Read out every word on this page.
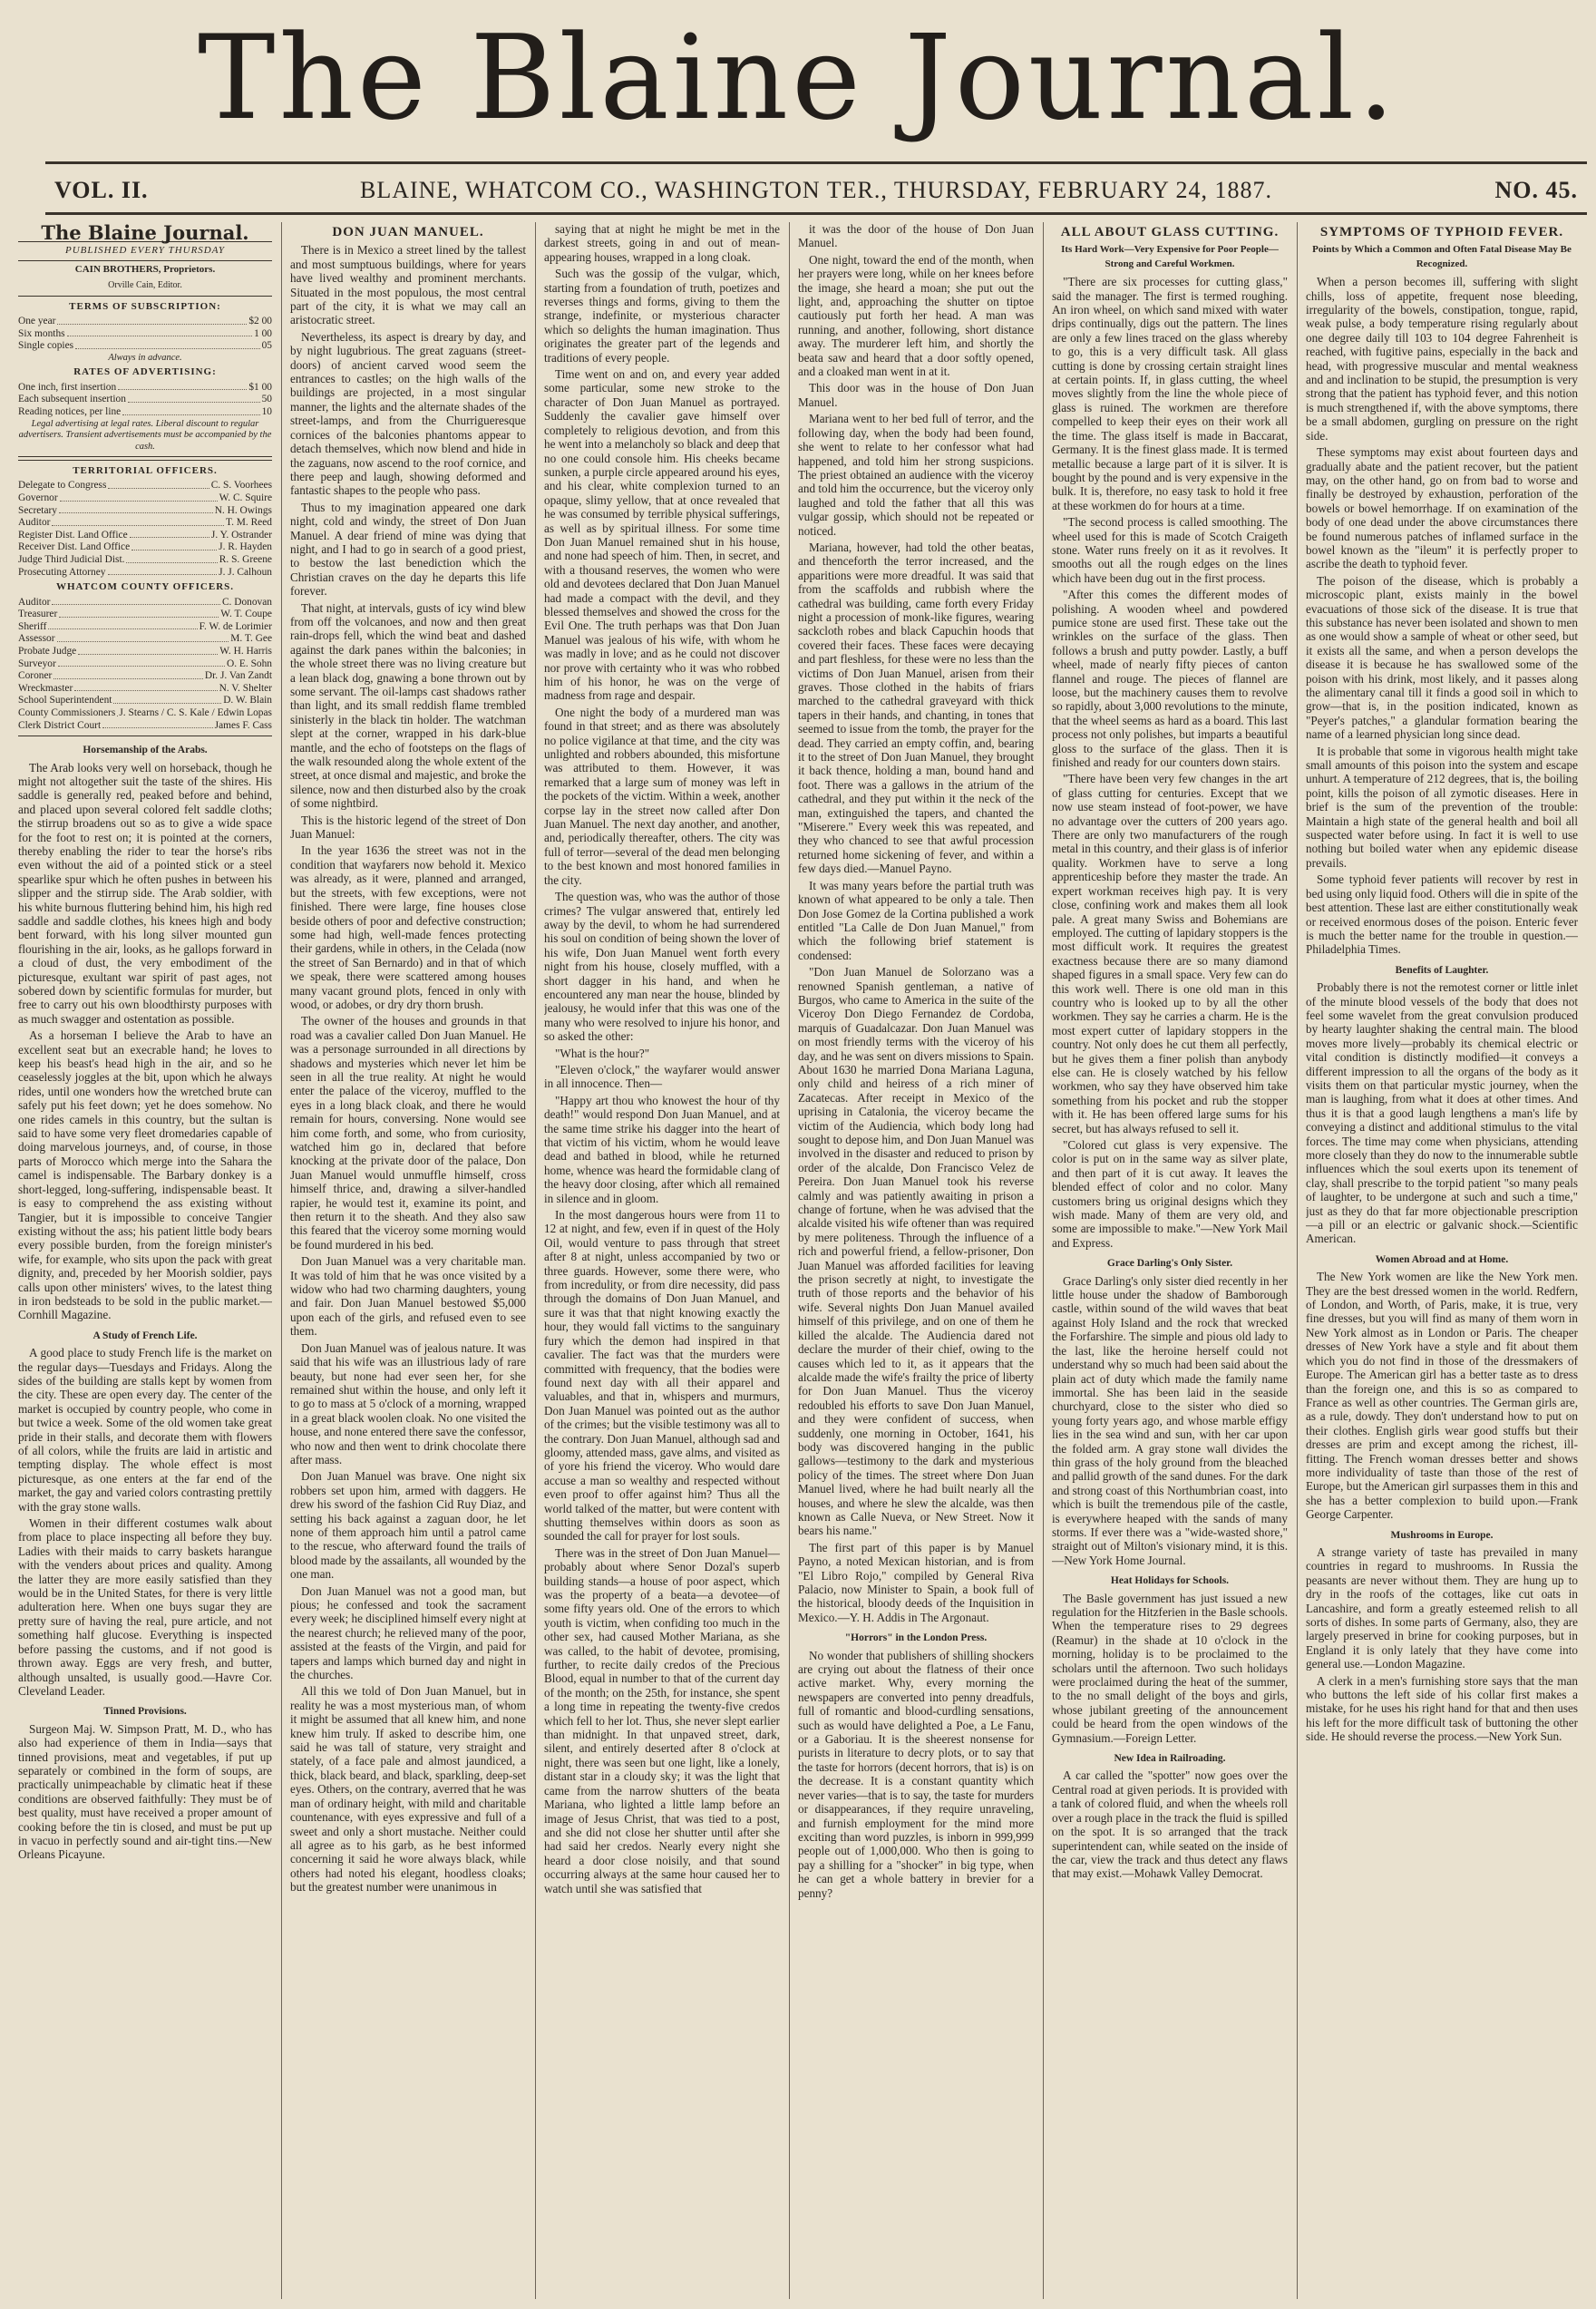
The Blaine Journal.
VOL. II.	BLAINE, WHATCOM CO., WASHINGTON TER., THURSDAY, FEBRUARY 24, 1887.	NO. 45.
The Blaine Journal.
PUBLISHED EVERY THURSDAY
CAIN BROTHERS, Proprietors.
Orville Cain, Editor.
TERMS OF SUBSCRIPTION:
One year	$2 00
Six months	1 00
Single copies	05
Always in advance.
RATES OF ADVERTISING:
One inch, first insertion	$1 00
Each subsequent insertion	50
Reading notices, per line	10
Legal advertising at legal rates. Liberal discount to regular advertisers. Transient advertisements must be accompanied by the cash.
TERRITORIAL OFFICERS.
Delegate to Congress	C. S. Voorhees
Governor	W. C. Squire
Secretary	N. H. Owings
Auditor	T. M. Reed
Register Dist. Land Office	J. Y. Ostrander
Receiver Dist. Land Office	J. R. Hayden
Judge Third Judicial Dist.	R. S. Greene
Prosecuting Attorney	J. J. Calhoun
WHATCOM COUNTY OFFICERS.
Auditor	C. Donovan
Treasurer	W. T. Coupe
Sheriff	F. W. de Lorimier
Assessor	M. T. Gee
Probate Judge	W. H. Harris
Surveyor	O. E. Sohn
Coroner	Dr. J. Van Zandt
Wreckmaster	N. V. Shelter
School Superintendent	D. W. Blain
County Commissioners J. Stearns / C. S. Kale / Edwin Lopas
Clerk District Court	James F. Cass
Horsemanship of the Arabs.

The Arab looks very well on horseback, though he might not altogether suit the taste of the shires. His saddle is generally red, peaked before and behind, and placed upon several colored felt saddle cloths; the stirrup broadens out so as to give a wide space for the foot to rest on; it is pointed at the corners, thereby enabling the rider to tear the horse's ribs even without the aid of a pointed stick or a steel spearlike spur which he often pushes in between his slipper and the stirrup side. The Arab soldier, with his white burnous fluttering behind him, his high red saddle and saddle clothes, his knees high and body bent forward, with his long silver mounted gun flourishing in the air, looks, as he gallops forward in a cloud of dust, the very embodiment of the picturesque, exultant war spirit of past ages, not sobered down by scientific formulas for murder, but free to carry out his own bloodthirsty purposes with as much swagger and ostentation as possible.

As a horseman I believe the Arab to have an excellent seat but an execrable hand; he loves to keep his beast's head high in the air, and so he ceaselessly joggles at the bit, upon which he always rides, until one wonders how the wretched brute can safely put his feet down; yet he does somehow. No one rides camels in this country, but the sultan is said to have some very fleet dromedaries capable of doing marvelous journeys, and, of course, in those parts of Morocco which merge into the Sahara the camel is indispensable. The Barbary donkey is a short-legged, long-suffering, indispensable beast. It is easy to comprehend the ass existing without Tangier, but it is impossible to conceive Tangier existing without the ass; his patient little body bears every possible burden, from the foreign minister's wife, for example, who sits upon the pack with great dignity, and, preceded by her Moorish soldier, pays calls upon other ministers' wives, to the latest thing in iron bedsteads to be sold in the public market.—Cornhill Magazine.

A Study of French Life.

A good place to study French life is the market on the regular days—Tuesdays and Fridays. Along the sides of the building are stalls kept by women from the city. These are open every day. The center of the market is occupied by country people, who come in but twice a week. Some of the old women take great pride in their stalls, and decorate them with flowers of all colors, while the fruits are laid in artistic and tempting display. The whole effect is most picturesque, as one enters at the far end of the market, the gay and varied colors contrasting prettily with the gray stone walls.

Women in their different costumes walk about from place to place inspecting all before they buy. Ladies with their maids to carry baskets harangue with the venders about prices and quality. Among the latter they are more easily satisfied than they would be in the United States, for there is very little adulteration here. When one buys sugar they are pretty sure of having the real, pure article, and not something half glucose. Everything is inspected before passing the customs, and if not good is thrown away. Eggs are very fresh, and butter, although unsalted, is usually good.—Havre Cor. Cleveland Leader.

Tinned Provisions.

Surgeon Maj. W. Simpson Pratt, M. D., who has also had experience of them in India—says that tinned provisions, meat and vegetables, if put up separately or combined in the form of soups, are practically unimpeachable by climatic heat if these conditions are observed faithfully: They must be of best quality, must have received a proper amount of cooking before the tin is closed, and must be put up in vacuo in perfectly sound and air-tight tins.—New Orleans Picayune.

DON JUAN MANUEL.

There is in Mexico a street lined by the tallest and most sumptuous buildings, where for years have lived wealthy and prominent merchants. Situated in the most populous, the most central part of the city, it is what we may call an aristocratic street.

Nevertheless, its aspect is dreary by day, and by night lugubrious. The great zaguans (street-doors) of ancient carved wood seem the entrances to castles; on the high walls of the buildings are projected, in a most singular manner, the lights and the alternate shades of the street-lamps, and from the Churrigueresque cornices of the balconies phantoms appear to detach themselves, which now blend and hide in the zaguans, now ascend to the roof cornice, and there peep and laugh, showing deformed and fantastic shapes to the people who pass.

Thus to my imagination appeared one dark night, cold and windy, the street of Don Juan Manuel. A dear friend of mine was dying that night, and I had to go in search of a good priest, to bestow the last benediction which the Christian craves on the day he departs this life forever.

That night, at intervals, gusts of icy wind blew from off the volcanoes, and now and then great rain-drops fell, which the wind beat and dashed against the dark panes within the balconies; in the whole street there was no living creature but a lean black dog, gnawing a bone thrown out by some servant. The oil-lamps cast shadows rather than light, and its small reddish flame trembled sinisterly in the black tin holder. The watchman slept at the corner, wrapped in his dark-blue mantle, and the echo of footsteps on the flags of the walk resounded along the whole extent of the street, at once dismal and majestic, and broke the silence, now and then disturbed also by the croak of some nightbird.

This is the historic legend of the street of Don Juan Manuel:

In the year 1636 the street was not in the condition that wayfarers now behold it. Mexico was already, as it were, planned and arranged, but the streets, with few exceptions, were not finished. There were large, fine houses close beside others of poor and defective construction; some had high, well-made fences protecting their gardens, while in others, in the Celada (now the street of San Bernardo) and in that of which we speak, there were scattered among houses many vacant ground plots, fenced in only with wood, or adobes, or dry dry thorn brush.

The owner of the houses and grounds in that road was a cavalier called Don Juan Manuel. He was a personage surrounded in all directions by shadows and mysteries which never let him be seen in all the true reality. At night he would enter the palace of the viceroy, muffled to the eyes in a long black cloak, and there he would remain for hours, conversing. None would see him come forth, and some, who from curiosity, watched him go in, declared that before knocking at the private door of the palace, Don Juan Manuel would unmuffle himself, cross himself thrice, and, drawing a silver-handled rapier, he would test it, examine its point, and then return it to the sheath. And they also saw this feared that the viceroy some morning would be found murdered in his bed.

Don Juan Manuel was a very charitable man. It was told of him that he was once visited by a widow who had two charming daughters, young and fair. Don Juan Manuel bestowed $5,000 upon each of the girls, and refused even to see them.

Don Juan Manuel was of jealous nature. It was said that his wife was an illustrious lady of rare beauty, but none had ever seen her, for she remained shut within the house, and only left it to go to mass at 5 o'clock of a morning, wrapped in a great black woolen cloak. No one visited the house, and none entered there save the confessor, who now and then went to drink chocolate there after mass.

Don Juan Manuel was brave. One night six robbers set upon him, armed with daggers. He drew his sword of the fashion Cid Ruy Diaz, and setting his back against a zaguan door, he let none of them approach him until a patrol came to the rescue, who afterward found the trails of blood made by the assailants, all wounded by the one man.

Don Juan Manuel was not a good man, but pious; he confessed and took the sacrament every week; he disciplined himself every night at the nearest church; he relieved many of the poor, assisted at the feasts of the Virgin, and paid for tapers and lamps which burned day and night in the churches.

All this we told of Don Juan Manuel, but in reality he was a most mysterious man, of whom it might be assumed that all knew him, and none knew him truly. If asked to describe him, one said he was tall of stature, very straight and stately, of a face pale and almost jaundiced, a thick, black beard, and black, sparkling, deep-set eyes. Others, on the contrary, averred that he was man of ordinary height, with mild and charitable countenance, with eyes expressive and full of a sweet and only a short mustache. Neither could all agree as to his garb, as he best informed concerning it said he wore always black, while others had noted his elegant, hoodless cloaks; but the greatest number were unanimous in

saying that at night he might be met in the darkest streets, going in and out of mean-appearing houses, wrapped in a long cloak.

Such was the gossip of the vulgar, which, starting from a foundation of truth, poetizes and reverses things and forms, giving to them the strange, indefinite, or mysterious character which so delights the human imagination. Thus originates the greater part of the legends and traditions of every people.

Time went on and on, and every year added some particular, some new stroke to the character of Don Juan Manuel as portrayed. Suddenly the cavalier gave himself over completely to religious devotion, and from this he went into a melancholy so black and deep that no one could console him. His cheeks became sunken, a purple circle appeared around his eyes, and his clear, white complexion turned to an opaque, slimy yellow, that at once revealed that he was consumed by terrible physical sufferings, as well as by spiritual illness. For some time Don Juan Manuel remained shut in his house, and none had speech of him. Then, in secret, and with a thousand reserves, the women who were old and devotees declared that Don Juan Manuel had made a compact with the devil, and they blessed themselves and showed the cross for the Evil One. The truth perhaps was that Don Juan Manuel was jealous of his wife, with whom he was madly in love; and as he could not discover nor prove with certainty who it was who robbed him of his honor, he was on the verge of madness from rage and despair.

One night the body of a murdered man was found in that street; and as there was absolutely no police vigilance at that time, and the city was unlighted and robbers abounded, this misfortune was attributed to them. However, it was remarked that a large sum of money was left in the pockets of the victim. Within a week, another corpse lay in the street now called after Don Juan Manuel. The next day another, and another, and, periodically thereafter, others. The city was full of terror—several of the dead men belonging to the best known and most honored families in the city.

The question was, who was the author of those crimes? The vulgar answered that, entirely led away by the devil, to whom he had surrendered his soul on condition of being shown the lover of his wife, Don Juan Manuel went forth every night from his house, closely muffled, with a short dagger in his hand, and when he encountered any man near the house, blinded by jealousy, he would infer that this was one of the many who were resolved to injure his honor, and so asked the other:

"What is the hour?"

"Eleven o'clock," the wayfarer would answer in all innocence. Then—

"Happy art thou who knowest the hour of thy death!" would respond Don Juan Manuel, and at the same time strike his dagger into the heart of that victim of his victim, whom he would leave dead and bathed in blood, while he returned home, whence was heard the formidable clang of the heavy door closing, after which all remained in silence and in gloom.

In the most dangerous hours were from 11 to 12 at night, and few, even if in quest of the Holy Oil, would venture to pass through that street after 8 at night, unless accompanied by two or three guards. However, some there were, who from incredulity, or from dire necessity, did pass through the domains of Don Juan Manuel, and sure it was that that night knowing exactly the hour, they would fall victims to the sanguinary fury which the demon had inspired in that cavalier. The fact was that the murders were committed with frequency, that the bodies were found next day with all their apparel and valuables, and that in, whispers and murmurs, Don Juan Manuel was pointed out as the author of the crimes; but the visible testimony was all to the contrary. Don Juan Manuel, although sad and gloomy, attended mass, gave alms, and visited as of yore his friend the viceroy. Who would dare accuse a man so wealthy and respected without even proof to offer against him? Thus all the world talked of the matter, but were content with shutting themselves within doors as soon as sounded the call for prayer for lost souls.

There was in the street of Don Juan Manuel—probably about where Senor Dozal's superb building stands—a house of poor aspect, which was the property of a beata—a devotee—of some fifty years old. One of the errors to which youth is victim, when confiding too much in the other sex, had caused Mother Mariana, as she was called, to the habit of devotee, promising, further, to recite daily credos of the Precious Blood, equal in number to that of the current day of the month; on the 25th, for instance, she spent a long time in repeating the twenty-five credos which fell to her lot. Thus, she never slept earlier than midnight. In that unpaved street, dark, silent, and entirely deserted after 8 o'clock at night, there was seen but one light, like a lonely, distant star in a cloudy sky; it was the light that came from the narrow shutters of the beata Mariana, who lighted a little lamp before an image of Jesus Christ, that was tied to a post, and she did not close her shutter until after she had said her credos. Nearly every night she heard a door close noisily, and that sound occurring always at the same hour caused her to watch until she was satisfied that

it was the door of the house of Don Juan Manuel.

One night, toward the end of the month, when her prayers were long, while on her knees before the image, she heard a moan; she put out the light, and, approaching the shutter on tiptoe cautiously put forth her head. A man was running, and another, following, short distance away. The murderer left him, and shortly the beata saw and heard that a door softly opened, and a cloaked man went in at it.

This door was in the house of Don Juan Manuel.

Mariana went to her bed full of terror, and the following day, when the body had been found, she went to relate to her confessor what had happened, and told him her strong suspicions. The priest obtained an audience with the viceroy and told him the occurrence, but the viceroy only laughed and told the father that all this was vulgar gossip, which should not be repeated or noticed.

Mariana, however, had told the other beatas, and thenceforth the terror increased, and the apparitions were more dreadful. It was said that from the scaffolds and rubbish where the cathedral was building, came forth every Friday night a procession of monk-like figures, wearing sackcloth robes and black Capuchin hoods that covered their faces. These faces were decaying and part fleshless, for these were no less than the victims of Don Juan Manuel, arisen from their graves. Those clothed in the habits of friars marched to the cathedral graveyard with thick tapers in their hands, and chanting, in tones that seemed to issue from the tomb, the prayer for the dead. They carried an empty coffin, and, bearing it to the street of Don Juan Manuel, they brought it back thence, holding a man, bound hand and foot. There was a gallows in the atrium of the cathedral, and they put within it the neck of the man, extinguished the tapers, and chanted the "Miserere." Every week this was repeated, and they who chanced to see that awful procession returned home sickening of fever, and within a few days died.—Manuel Payno.

It was many years before the partial truth was known of what appeared to be only a tale. Then Don Jose Gomez de la Cortina published a work entitled "La Calle de Don Juan Manuel," from which the following brief statement is condensed:

"Don Juan Manuel de Solorzano was a renowned Spanish gentleman, a native of Burgos, who came to America in the suite of the Viceroy Don Diego Fernandez de Cordoba, marquis of Guadalcazar. Don Juan Manuel was on most friendly terms with the viceroy of his day, and he was sent on divers missions to Spain. About 1630 he married Dona Mariana Laguna, only child and heiress of a rich miner of Zacatecas. After receipt in Mexico of the uprising in Catalonia, the viceroy became the victim of the Audiencia, which body long had sought to depose him, and Don Juan Manuel was involved in the disaster and reduced to prison by order of the alcalde, Don Francisco Velez de Pereira. Don Juan Manuel took his reverse calmly and was patiently awaiting in prison a change of fortune, when he was advised that the alcalde visited his wife oftener than was required by mere politeness. Through the influence of a rich and powerful friend, a fellow-prisoner, Don Juan Manuel was afforded facilities for leaving the prison secretly at night, to investigate the truth of those reports and the behavior of his wife. Several nights Don Juan Manuel availed himself of this privilege, and on one of them he killed the alcalde. The Audiencia dared not declare the murder of their chief, owing to the causes which led to it, as it appears that the alcalde made the wife's frailty the price of liberty for Don Juan Manuel. Thus the viceroy redoubled his efforts to save Don Juan Manuel, and they were confident of success, when suddenly, one morning in October, 1641, his body was discovered hanging in the public gallows—testimony to the dark and mysterious policy of the times. The street where Don Juan Manuel lived, where he had built nearly all the houses, and where he slew the alcalde, was then known as Calle Nueva, or New Street. Now it bears his name."

The first part of this paper is by Manuel Payno, a noted Mexican historian, and is from "El Libro Rojo," compiled by General Riva Palacio, now Minister to Spain, a book full of the historical, bloody deeds of the Inquisition in Mexico.—Y. H. Addis in The Argonaut.

"Horrors" in the London Press.

No wonder that publishers of shilling shockers are crying out about the flatness of their once active market. Why, every morning the newspapers are converted into penny dreadfuls, full of romantic and blood-curdling sensations, such as would have delighted a Poe, a Le Fanu, or a Gaboriau. It is the sheerest nonsense for purists in literature to decry plots, or to say that the taste for horrors (decent horrors, that is) is on the decrease. It is a constant quantity which never varies—that is to say, the taste for murders or disappearances, if they require unraveling, and furnish employment for the mind more exciting than word puzzles, is inborn in 999,999 people out of 1,000,000. Who then is going to pay a shilling for a "shocker" in big type, when he can get a whole battery in brevier for a penny?

ALL ABOUT GLASS CUTTING.
Its Hard Work—Very Expensive for Poor People—Strong and Careful Workmen.

"There are six processes for cutting glass," said the manager. The first is termed roughing. An iron wheel, on which sand mixed with water drips continually, digs out the pattern. The lines are only a few lines traced on the glass whereby to go, this is a very difficult task. All glass cutting is done by crossing certain straight lines at certain points. If, in glass cutting, the wheel moves slightly from the line the whole piece of glass is ruined. The workmen are therefore compelled to keep their eyes on their work all the time. The glass itself is made in Baccarat, Germany. It is the finest glass made. It is termed metallic because a large part of it is silver. It is bought by the pound and is very expensive in the bulk. It is, therefore, no easy task to hold it free at these workmen do for hours at a time.

"The second process is called smoothing. The wheel used for this is made of Scotch Craigeth stone. Water runs freely on it as it revolves. It smooths out all the rough edges on the lines which have been dug out in the first process.

"After this comes the different modes of polishing. A wooden wheel and powdered pumice stone are used first. These take out the wrinkles on the surface of the glass. Then follows a brush and putty powder. Lastly, a buff wheel, made of nearly fifty pieces of canton flannel and rouge. The pieces of flannel are loose, but the machinery causes them to revolve so rapidly, about 3,000 revolutions to the minute, that the wheel seems as hard as a board. This last process not only polishes, but imparts a beautiful gloss to the surface of the glass. Then it is finished and ready for our counters down stairs.

"There have been very few changes in the art of glass cutting for centuries. Except that we now use steam instead of foot-power, we have no advantage over the cutters of 200 years ago. There are only two manufacturers of the rough metal in this country, and their glass is of inferior quality. Workmen have to serve a long apprenticeship before they master the trade. An expert workman receives high pay. It is very close, confining work and makes them all look pale. A great many Swiss and Bohemians are employed. The cutting of lapidary stoppers is the most difficult work. It requires the greatest exactness because there are so many diamond shaped figures in a small space. Very few can do this work well. There is one old man in this country who is looked up to by all the other workmen. They say he carries a charm. He is the most expert cutter of lapidary stoppers in the country. Not only does he cut them all perfectly, but he gives them a finer polish than anybody else can. He is closely watched by his fellow workmen, who say they have observed him take something from his pocket and rub the stopper with it. He has been offered large sums for his secret, but has always refused to sell it.

"Colored cut glass is very expensive. The color is put on in the same way as silver plate, and then part of it is cut away. It leaves the blended effect of color and no color. Many customers bring us original designs which they wish made. Many of them are very old, and some are impossible to make."—New York Mail and Express.

Grace Darling's Only Sister.

Grace Darling's only sister died recently in her little house under the shadow of Bamborough castle, within sound of the wild waves that beat against Holy Island and the rock that wrecked the Forfarshire. The simple and pious old lady to the last, like the heroine herself could not understand why so much had been said about the plain act of duty which made the family name immortal. She has been laid in the seaside churchyard, close to the sister who died so young forty years ago, and whose marble effigy lies in the sea wind and sun, with her car upon the folded arm. A gray stone wall divides the thin grass of the holy ground from the bleached and pallid growth of the sand dunes. For the dark and strong coast of this Northumbrian coast, into which is built the tremendous pile of the castle, is everywhere heaped with the sands of many storms. If ever there was a "wide-wasted shore," straight out of Milton's visionary mind, it is this.—New York Home Journal.

Heat Holidays for Schools.

The Basle government has just issued a new regulation for the Hitzferien in the Basle schools. When the temperature rises to 29 degrees (Reamur) in the shade at 10 o'clock in the morning, holiday is to be proclaimed to the scholars until the afternoon. Two such holidays were proclaimed during the heat of the summer, to the no small delight of the boys and girls, whose jubilant greeting of the announcement could be heard from the open windows of the Gymnasium.—Foreign Letter.

New Idea in Railroading.

A car called the "spotter" now goes over the Central road at given periods. It is provided with a tank of colored fluid, and when the wheels roll over a rough place in the track the fluid is spilled on the spot. It is so arranged that the track superintendent can, while seated on the inside of the car, view the track and thus detect any flaws that may exist.—Mohawk Valley Democrat.

SYMPTOMS OF TYPHOID FEVER.
Points by Which a Common and Often Fatal Disease May Be Recognized.

When a person becomes ill, suffering with slight chills, loss of appetite, frequent nose bleeding, irregularity of the bowels, constipation, tongue, rapid, weak pulse, a body temperature rising regularly about one degree daily till 103 to 104 degree Fahrenheit is reached, with fugitive pains, especially in the back and head, with progressive muscular and mental weakness and and inclination to be stupid, the presumption is very strong that the patient has typhoid fever, and this notion is much strengthened if, with the above symptoms, there be a small abdomen, gurgling on pressure on the right side.

These symptoms may exist about fourteen days and gradually abate and the patient recover, but the patient may, on the other hand, go on from bad to worse and finally be destroyed by exhaustion, perforation of the bowels or bowel hemorrhage. If on examination of the body of one dead under the above circumstances there be found numerous patches of inflamed surface in the bowel known as the "ileum" it is perfectly proper to ascribe the death to typhoid fever.

The poison of the disease, which is probably a microscopic plant, exists mainly in the bowel evacuations of those sick of the disease. It is true that this substance has never been isolated and shown to men as one would show a sample of wheat or other seed, but it exists all the same, and when a person develops the disease it is because he has swallowed some of the poison with his drink, most likely, and it passes along the alimentary canal till it finds a good soil in which to grow—that is, in the position indicated, known as "Peyer's patches," a glandular formation bearing the name of a learned physician long since dead.

It is probable that some in vigorous health might take small amounts of this poison into the system and escape unhurt. A temperature of 212 degrees, that is, the boiling point, kills the poison of all zymotic diseases. Here in brief is the sum of the prevention of the trouble: Maintain a high state of the general health and boil all suspected water before using. In fact it is well to use nothing but boiled water when any epidemic disease prevails.

Some typhoid fever patients will recover by rest in bed using only liquid food. Others will die in spite of the best attention. These last are either constitutionally weak or received enormous doses of the poison. Enteric fever is much the better name for the trouble in question.—Philadelphia Times.

Benefits of Laughter.

Probably there is not the remotest corner or little inlet of the minute blood vessels of the body that does not feel some wavelet from the great convulsion produced by hearty laughter shaking the central main. The blood moves more lively—probably its chemical electric or vital condition is distinctly modified—it conveys a different impression to all the organs of the body as it visits them on that particular mystic journey, when the man is laughing, from what it does at other times. And thus it is that a good laugh lengthens a man's life by conveying a distinct and additional stimulus to the vital forces. The time may come when physicians, attending more closely than they do now to the innumerable subtle influences which the soul exerts upon its tenement of clay, shall prescribe to the torpid patient "so many peals of laughter, to be undergone at such and such a time," just as they do that far more objectionable prescription—a pill or an electric or galvanic shock.—Scientific American.

Women Abroad and at Home.

The New York women are like the New York men. They are the best dressed women in the world. Redfern, of London, and Worth, of Paris, make, it is true, very fine dresses, but you will find as many of them worn in New York almost as in London or Paris. The cheaper dresses of New York have a style and fit about them which you do not find in those of the dressmakers of Europe. The American girl has a better taste as to dress than the foreign one, and this is so as compared to France as well as other countries. The German girls are, as a rule, dowdy. They don't understand how to put on their clothes. English girls wear good stuffs but their dresses are prim and except among the richest, ill-fitting. The French woman dresses better and shows more individuality of taste than those of the rest of Europe, but the American girl surpasses them in this and she has a better complexion to build upon.—Frank George Carpenter.

Mushrooms in Europe.

A strange variety of taste has prevailed in many countries in regard to mushrooms. In Russia the peasants are never without them. They are hung up to dry in the roofs of the cottages, like cut oats in Lancashire, and form a greatly esteemed relish to all sorts of dishes. In some parts of Germany, also, they are largely preserved in brine for cooking purposes, but in England it is only lately that they have come into general use.—London Magazine.

A clerk in a men's furnishing store says that the man who buttons the left side of his collar first makes a mistake, for he uses his right hand for that and then uses his left for the more difficult task of buttoning the other side. He should reverse the process.—New York Sun.
